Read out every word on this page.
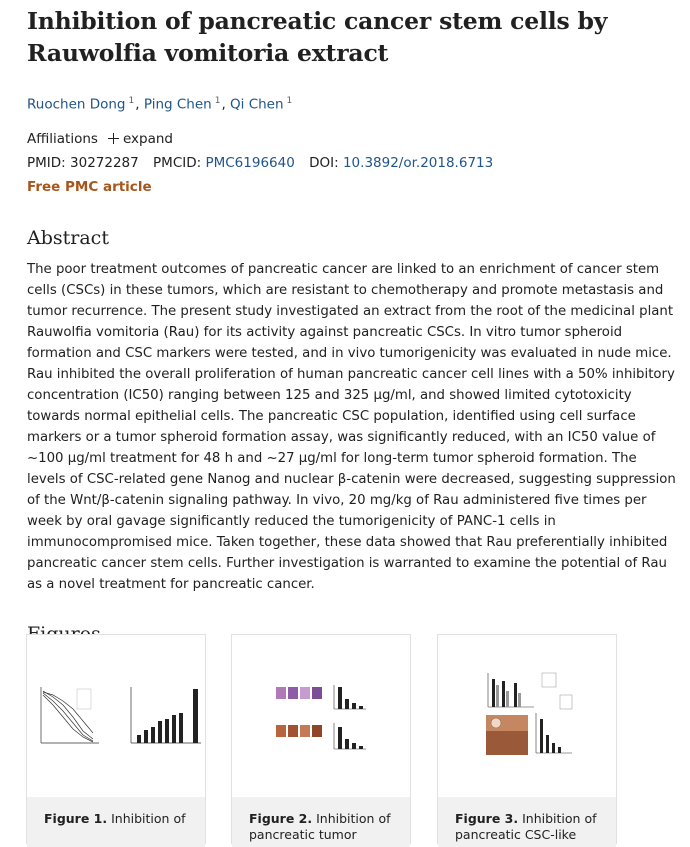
Inhibition of pancreatic cancer stem cells by Rauwolfia vomitoria extract
Ruochen Dong $^1$, Ping Chen $^1$, Qi Chen $^1$
Affiliations expand
PMID: 30272287 PMCID: PMC6196640 DOI: 10.3892/or.2018.6713
Free PMC article
Abstract
The poor treatment outcomes of pancreatic cancer are linked to an enrichment of cancer stem cells (CSCs) in these tumors, which are resistant to chemotherapy and promote metastasis and tumor recurrence. The present study investigated an extract from the root of the medicinal plant Rauwolfia vomitoria (Rau) for its activity against pancreatic CSCs. In vitro tumor spheroid formation and CSC markers were tested, and in vivo tumorigenicity was evaluated in nude mice. Rau inhibited the overall proliferation of human pancreatic cancer cell lines with a 50% inhibitory concentration (IC50) ranging between 125 and 325 µg/ml, and showed limited cytotoxicity towards normal epithelial cells. The pancreatic CSC population, identified using cell surface markers or a tumor spheroid formation assay, was significantly reduced, with an IC50 value of ~100 µg/ml treatment for 48 h and ~27 µg/ml for long-term tumor spheroid formation. The levels of CSC-related gene Nanog and nuclear β-catenin were decreased, suggesting suppression of the Wnt/β-catenin signaling pathway. In vivo, 20 mg/kg of Rau administered five times per week by oral gavage significantly reduced the tumorigenicity of PANC-1 cells in immunocompromised mice. Taken together, these data showed that Rau preferentially inhibited pancreatic cancer stem cells. Further investigation is warranted to examine the potential of Rau as a novel treatment for pancreatic cancer.
Figure 1. Inhibition of	Figure 2. Inhibition of pancreatic tumor
Figure 3. Inhibition of pancreatic CSC-like
